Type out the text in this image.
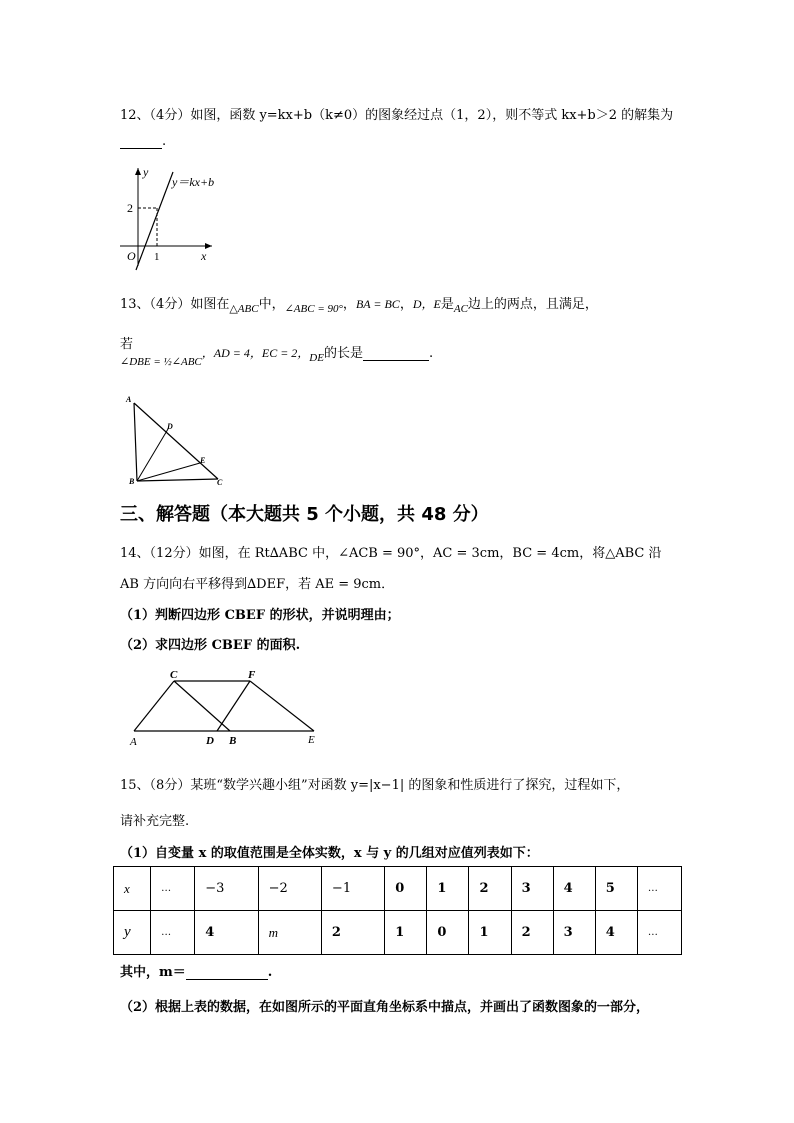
12、（4分）如图，函数 y=kx+b（k≠0）的图象经过点（1，2），则不等式 kx+b＞2 的解集为
.
y
x
O
2
1
y＝kx+b
13、（4分）如图在$_{\triangle ABC}$中，$_{\angle ABC = 90^\circ}$，BA = BC，D，E是$_{AC}$边上的两点，且满足，
若
$_{\angle DBE = \frac{1}{2}\angle ABC}$，AD = 4，EC = 2，$_{DE}$的长是	.
A
D
E
B	C
三、解答题（本大题共 5 个小题，共 48 分）
14、（12分）如图，在 Rt∆ABC 中，∠ACB = 90°，AC = 3cm，BC = 4cm，将△ABC 沿
AB 方向向右平移得到∆DEF，若 AE = 9cm．
（1）判断四边形 CBEF 的形状，并说明理由；
（2）求四边形 CBEF 的面积.
A
C	F
D B	E
15、（8分）某班“数学兴趣小组”对函数 y=|x−1| 的图象和性质进行了探究，过程如下，
请补充完整.
（1）自变量 x 的取值范围是全体实数，x 与 y 的几组对应值列表如下：
x	…	−3	−2	−1	0	1	2	3	4	5	…
y	…	4	m	2	1	0	1	2	3	4	…
其中，m＝	.
（2）根据上表的数据，在如图所示的平面直角坐标系中描点，并画出了函数图象的一部分，
